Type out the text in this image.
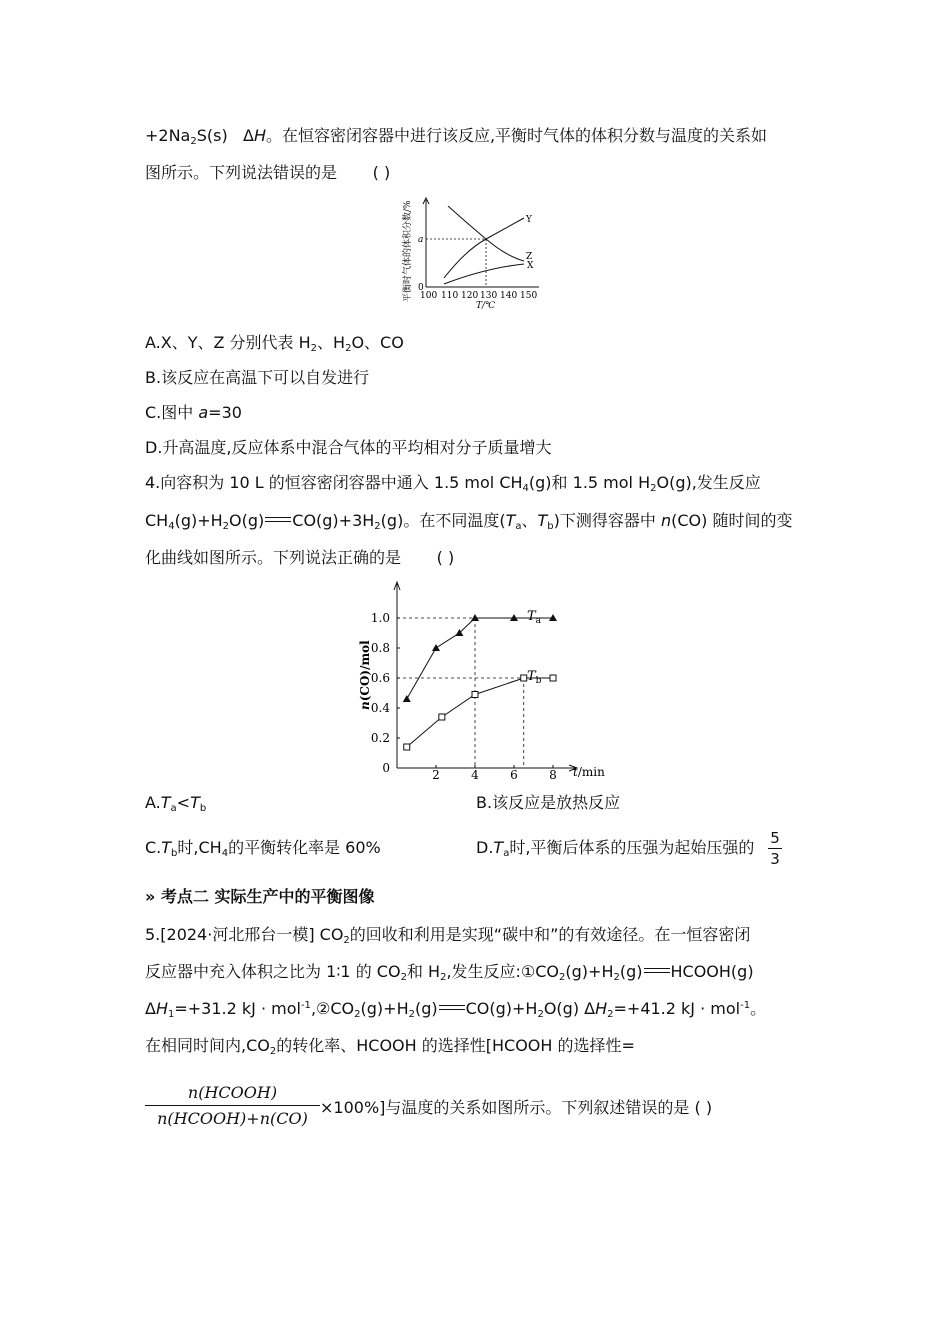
$+2Na_2S(s)$ ΔH。在恒容密闭容器中进行该反应,平衡时气体的体积分数与温度的关系如
图所示。下列说法错误的是 ( )
平衡时气体的体积分数/% a
0
Y
Z
X
100 110 120 130 140 150
T/℃
A.X、Y、Z 分别代表 $H_2$、$H_2O$、CO
B.该反应在高温下可以自发进行
C.图中 a=30
D.升高温度,反应体系中混合气体的平均相对分子质量增大
4.向容积为 10 L 的恒容密闭容器中通入 1.5 mol $CH_4(g)$和 1.5 mol $H_2O(g)$,发生反应
$CH_4(g)+H_2O(g)$ $CO(g)+3H_2(g)$。在不同温度($T_a$、$T_b$)下测得容器中 n(CO) 随时间的变
化曲线如图所示。下列说法正确的是 ( )
0
0.2
0.4
0.6
0.8
1.0
2	4	6	8
n(CO)/mol
t/min
$T_a$
$T_b$
$A.T_a<T_b$	B.该反应是放热反应
$C.T_b$时$,CH_4$的平衡转化率是 60%	$D.T_a$时,平衡后体系的压强为起始压强的 5
3
» 考点二 实际生产中的平衡图像
5.[2024·河北邢台一模] $CO_2$的回收和利用是实现“碳中和”的有效途径。在一恒容密闭
反应器中充入体积之比为 1∶1 的 $CO_2$和 $H_2$,发生反应$:①CO_2(g)+H_2(g)$ HCOOH(g)
$\Delta H_1=+31.2$ kJ · $mol^{-1},②CO_2(g)+H_2(g)$ $CO(g)+H_2O(g)$ $\Delta H_2=+41.2$ kJ · mol$^{-1}$。
在相同时间内$,CO_2$的转化率、HCOOH 的选择性[HCOOH 的选择性=
n(HCOOH)
n(HCOOH)+n(CO)
×100%]与温度的关系如图所示。下列叙述错误的是 ( )
